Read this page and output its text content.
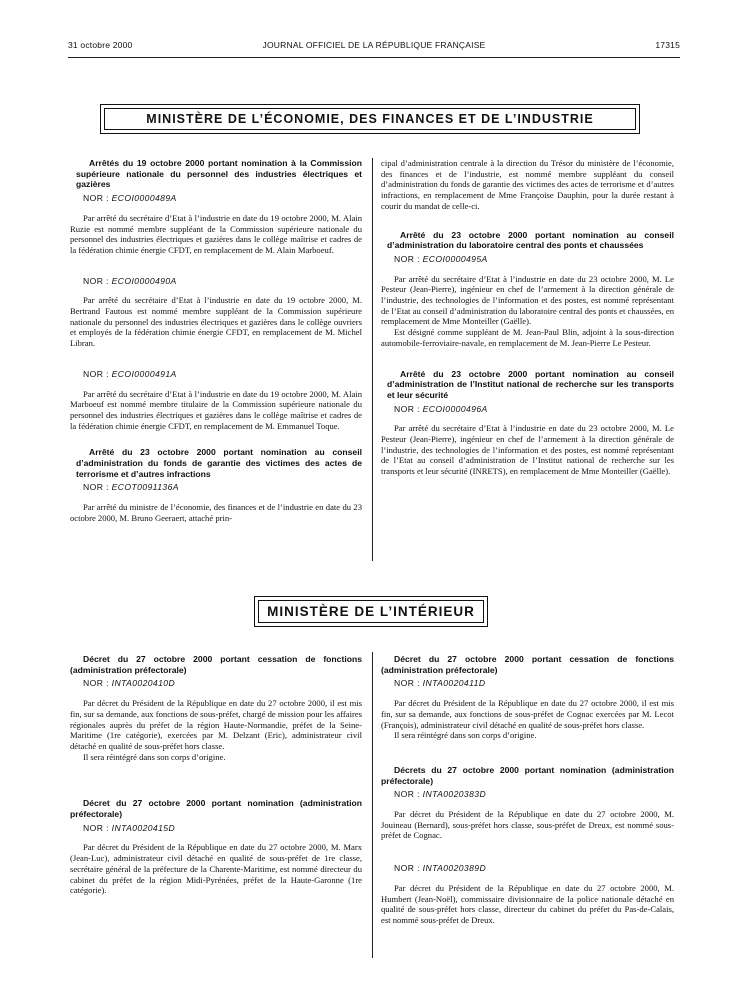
31 octobre 2000	JOURNAL OFFICIEL DE LA RÉPUBLIQUE FRANÇAISE	17315
MINISTÈRE DE L’ÉCONOMIE, DES FINANCES ET DE L’INDUSTRIE

Arrêtés du 19 octobre 2000 portant nomination à la Commission supérieure nationale du personnel des industries électriques et gazières

NOR : ECOI0000489A

Par arrêté du secrétaire d’Etat à l’industrie en date du 19 octobre 2000, M. Alain Ruzie est nommé membre suppléant de la Commission supérieure nationale du personnel des industries électriques et gazières dans le collège maîtrise et cadres de la fédération chimie énergie CFDT, en remplacement de M. Alain Marboeuf.

NOR : ECOI0000490A

Par arrêté du secrétaire d’Etat à l’industrie en date du 19 octobre 2000, M. Bertrand Fautous est nommé membre suppléant de la Commission supérieure nationale du personnel des industries électriques et gazières dans le collège ouvriers et employés de la fédération chimie énergie CFDT, en remplacement de M. Michel Libran.

NOR : ECOI0000491A

Par arrêté du secrétaire d’Etat à l’industrie en date du 19 octobre 2000, M. Alain Marboeuf est nommé membre titulaire de la Commission supérieure nationale du personnel des industries électriques et gazières dans le collège maîtrise et cadres de la fédération chimie énergie CFDT, en remplacement de M. Emmanuel Toque.

Arrêté du 23 octobre 2000 portant nomination au conseil d’administration du fonds de garantie des victimes des actes de terrorisme et d’autres infractions

NOR : ECOT0091136A

Par arrêté du ministre de l’économie, des finances et de l’industrie en date du 23 octobre 2000, M. Bruno Geeraert, attaché prin-

cipal d’administration centrale à la direction du Trésor du ministère de l’économie, des finances et de l’industrie, est nommé membre suppléant du conseil d’administration du fonds de garantie des victimes des actes de terrorisme et d’autres infractions, en remplacement de Mme Françoise Dauphin, pour la durée restant à courir du mandat de celle-ci.

Arrêté du 23 octobre 2000 portant nomination au conseil d’administration du laboratoire central des ponts et chaussées

NOR : ECOI0000495A

Par arrêté du secrétaire d’Etat à l’industrie en date du 23 octobre 2000, M. Le Pesteur (Jean-Pierre), ingénieur en chef de l’armement à la direction générale de l’industrie, des technologies de l’information et des postes, est nommé représentant de l’Etat au conseil d’administration du laboratoire central des ponts et chaussées, en remplacement de Mme Monteiller (Gaëlle).

Est désigné comme suppléant de M. Jean-Paul Blin, adjoint à la sous-direction automobile-ferroviaire-navale, en remplacement de M. Jean-Pierre Le Pesteur.

Arrêté du 23 octobre 2000 portant nomination au conseil d’administration de l’Institut national de recherche sur les transports et leur sécurité

NOR : ECOI0000496A

Par arrêté du secrétaire d’Etat à l’industrie en date du 23 octobre 2000, M. Le Pesteur (Jean-Pierre), ingénieur en chef de l’armement à la direction générale de l’industrie, des technologies de l’information et des postes, est nommé représentant de l’Etat au conseil d’administration de l’Institut national de recherche sur les transports et leur sécurité (INRETS), en remplacement de Mme Monteiller (Gaëlle).

MINISTÈRE DE L’INTÉRIEUR

Décret du 27 octobre 2000 portant cessation de fonctions (administration préfectorale)

NOR : INTA0020410D

Par décret du Président de la République en date du 27 octobre 2000, il est mis fin, sur sa demande, aux fonctions de sous-préfet, chargé de mission pour les affaires régionales auprès du préfet de la région Haute-Normandie, préfet de la Seine-Maritime (1re catégorie), exercées par M. Delzant (Eric), administrateur civil détaché en qualité de sous-préfet hors classe.

Il sera réintégré dans son corps d’origine.

Décret du 27 octobre 2000 portant nomination (administration préfectorale)

NOR : INTA0020415D

Par décret du Président de la République en date du 27 octobre 2000, M. Marx (Jean-Luc), administrateur civil détaché en qualité de sous-préfet de 1re classe, secrétaire général de la préfecture de la Charente-Maritime, est nommé directeur du cabinet du préfet de la région Midi-Pyrénées, préfet de la Haute-Garonne (1re catégorie).

Décret du 27 octobre 2000 portant cessation de fonctions (administration préfectorale)

NOR : INTA0020411D

Par décret du Président de la République en date du 27 octobre 2000, il est mis fin, sur sa demande, aux fonctions de sous-préfet de Cognac exercées par M. Lecot (François), administrateur civil détaché en qualité de sous-préfet hors classe.

Il sera réintégré dans son corps d’origine.

Décrets du 27 octobre 2000 portant nomination (administration préfectorale)

NOR : INTA0020383D

Par décret du Président de la République en date du 27 octobre 2000, M. Jouineau (Bernard), sous-préfet hors classe, sous-préfet de Dreux, est nommé sous-préfet de Cognac.

NOR : INTA0020389D

Par décret du Président de la République en date du 27 octobre 2000, M. Humbert (Jean-Noël), commissaire divisionnaire de la police nationale détaché en qualité de sous-préfet hors classe, directeur du cabinet du préfet du Pas-de-Calais, est nommé sous-préfet de Dreux.
